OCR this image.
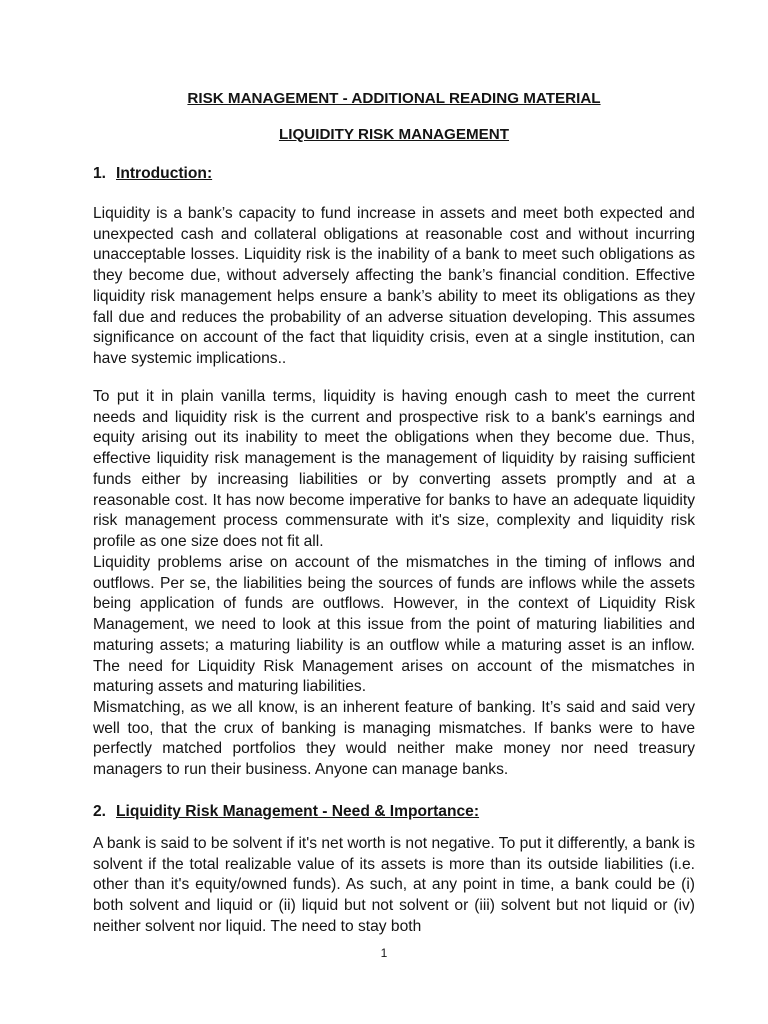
RISK MANAGEMENT - ADDITIONAL READING MATERIAL
LIQUIDITY RISK MANAGEMENT
1. Introduction:

Liquidity is a bank’s capacity to fund increase in assets and meet both expected and unexpected cash and collateral obligations at reasonable cost and without incurring unacceptable losses. Liquidity risk is the inability of a bank to meet such obligations as they become due, without adversely affecting the bank’s financial condition. Effective liquidity risk management helps ensure a bank’s ability to meet its obligations as they fall due and reduces the probability of an adverse situation developing. This assumes significance on account of the fact that liquidity crisis, even at a single institution, can have systemic implications..

To put it in plain vanilla terms, liquidity is having enough cash to meet the current needs and liquidity risk is the current and prospective risk to a bank's earnings and equity arising out its inability to meet the obligations when they become due. Thus, effective liquidity risk management is the management of liquidity by raising sufficient funds either by increasing liabilities or by converting assets promptly and at a reasonable cost. It has now become imperative for banks to have an adequate liquidity risk management process commensurate with it's size, complexity and liquidity risk profile as one size does not fit all.

Liquidity problems arise on account of the mismatches in the timing of inflows and outflows. Per se, the liabilities being the sources of funds are inflows while the assets being application of funds are outflows. However, in the context of Liquidity Risk Management, we need to look at this issue from the point of maturing liabilities and maturing assets; a maturing liability is an outflow while a maturing asset is an inflow. The need for Liquidity Risk Management arises on account of the mismatches in maturing assets and maturing liabilities.

Mismatching, as we all know, is an inherent feature of banking. It’s said and said very well too, that the crux of banking is managing mismatches. If banks were to have perfectly matched portfolios they would neither make money nor need treasury managers to run their business. Anyone can manage banks.

2. Liquidity Risk Management - Need & Importance:

A bank is said to be solvent if it's net worth is not negative. To put it differently, a bank is solvent if the total realizable value of its assets is more than its outside liabilities (i.e. other than it's equity/owned funds). As such, at any point in time, a bank could be (i) both solvent and liquid or (ii) liquid but not solvent or (iii) solvent but not liquid or (iv) neither solvent nor liquid. The need to stay both

1
